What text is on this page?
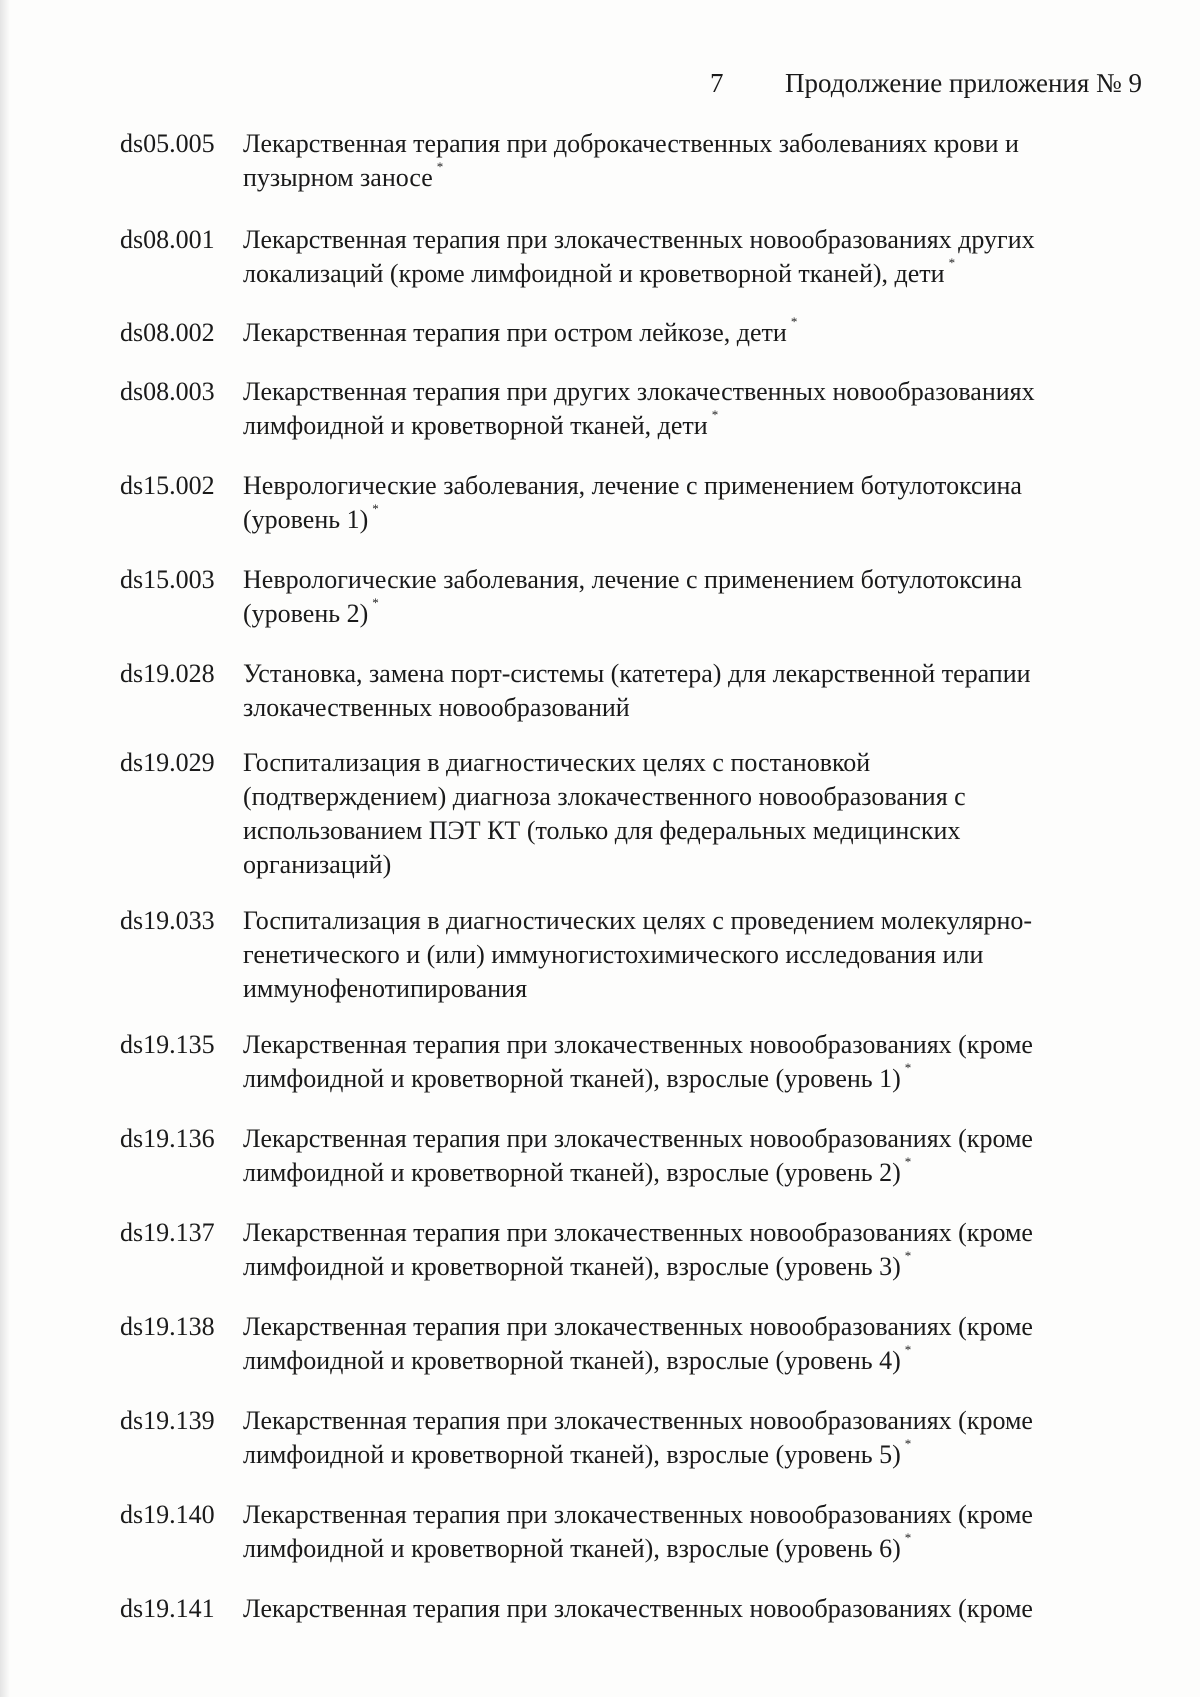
7 Продолжение приложения № 9
ds05.005	Лекарственная терапия при доброкачественных заболеваниях крови и
пузырном заносе *
ds08.001	Лекарственная терапия при злокачественных новообразованиях других
локализаций (кроме лимфоидной и кроветворной тканей), дети *
ds08.002	Лекарственная терапия при остром лейкозе, дети *
ds08.003	Лекарственная терапия при других злокачественных новообразованиях
лимфоидной и кроветворной тканей, дети *
ds15.002	Неврологические заболевания, лечение с применением ботулотоксина
(уровень 1) *
ds15.003	Неврологические заболевания, лечение с применением ботулотоксина
(уровень 2) *
ds19.028	Установка, замена порт-системы (катетера) для лекарственной терапии
злокачественных новообразований
ds19.029	Госпитализация в диагностических целях с постановкой
(подтверждением) диагноза злокачественного новообразования с
использованием ПЭТ КТ (только для федеральных медицинских
организаций)
ds19.033	Госпитализация в диагностических целях с проведением молекулярно-
генетического и (или) иммуногистохимического исследования или
иммунофенотипирования
ds19.135	Лекарственная терапия при злокачественных новообразованиях (кроме
лимфоидной и кроветворной тканей), взрослые (уровень 1) *
ds19.136	Лекарственная терапия при злокачественных новообразованиях (кроме
лимфоидной и кроветворной тканей), взрослые (уровень 2) *
ds19.137	Лекарственная терапия при злокачественных новообразованиях (кроме
лимфоидной и кроветворной тканей), взрослые (уровень 3) *
ds19.138	Лекарственная терапия при злокачественных новообразованиях (кроме
лимфоидной и кроветворной тканей), взрослые (уровень 4) *
ds19.139	Лекарственная терапия при злокачественных новообразованиях (кроме
лимфоидной и кроветворной тканей), взрослые (уровень 5) *
ds19.140	Лекарственная терапия при злокачественных новообразованиях (кроме
лимфоидной и кроветворной тканей), взрослые (уровень 6) *
ds19.141	Лекарственная терапия при злокачественных новообразованиях (кроме
